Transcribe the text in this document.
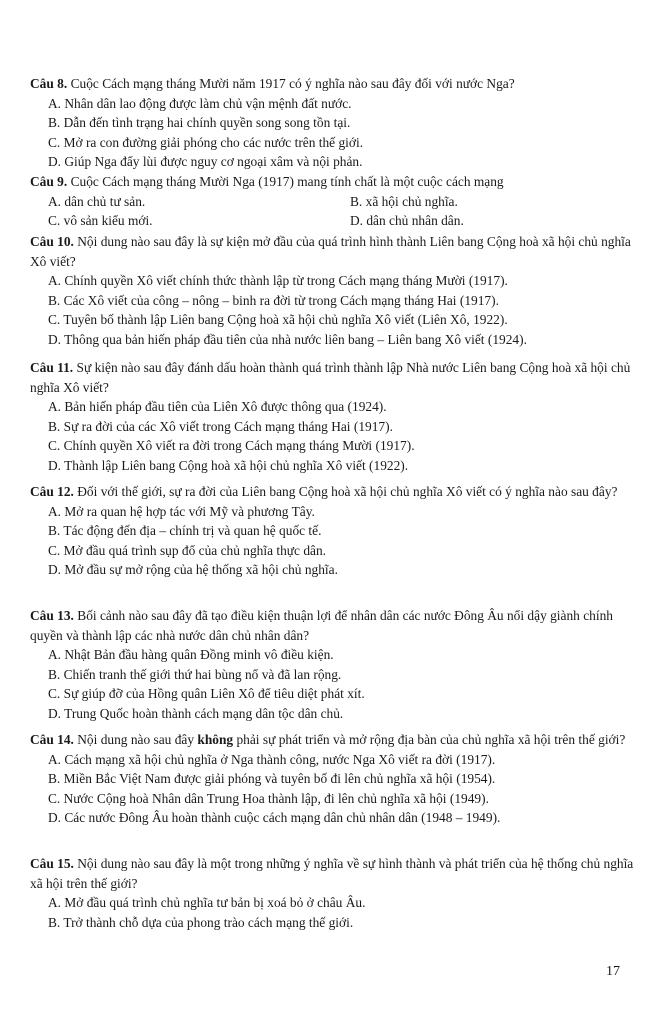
Câu 8. Cuộc Cách mạng tháng Mười năm 1917 có ý nghĩa nào sau đây đối với nước Nga?
A. Nhân dân lao động được làm chủ vận mệnh đất nước.
B. Dẫn đến tình trạng hai chính quyền song song tồn tại.
C. Mở ra con đường giải phóng cho các nước trên thế giới.
D. Giúp Nga đẩy lùi được nguy cơ ngoại xâm và nội phản.
Câu 9. Cuộc Cách mạng tháng Mười Nga (1917) mang tính chất là một cuộc cách mạng
A. dân chủ tư sản.	B. xã hội chủ nghĩa.
C. vô sản kiểu mới.	D. dân chủ nhân dân.
Câu 10. Nội dung nào sau đây là sự kiện mở đầu của quá trình hình thành Liên bang Cộng hoà xã hội chủ nghĩa Xô viết?
A. Chính quyền Xô viết chính thức thành lập từ trong Cách mạng tháng Mười (1917).
B. Các Xô viết của công – nông – binh ra đời từ trong Cách mạng tháng Hai (1917).
C. Tuyên bố thành lập Liên bang Cộng hoà xã hội chủ nghĩa Xô viết (Liên Xô, 1922).
D. Thông qua bản hiến pháp đầu tiên của nhà nước liên bang – Liên bang Xô viết (1924).
Câu 11. Sự kiện nào sau đây đánh dấu hoàn thành quá trình thành lập Nhà nước Liên bang Cộng hoà xã hội chủ nghĩa Xô viết?
A. Bản hiến pháp đầu tiên của Liên Xô được thông qua (1924).
B. Sự ra đời của các Xô viết trong Cách mạng tháng Hai (1917).
C. Chính quyền Xô viết ra đời trong Cách mạng tháng Mười (1917).
D. Thành lập Liên bang Cộng hoà xã hội chủ nghĩa Xô viết (1922).
Câu 12. Đối với thế giới, sự ra đời của Liên bang Cộng hoà xã hội chủ nghĩa Xô viết có ý nghĩa nào sau đây?
A. Mở ra quan hệ hợp tác với Mỹ và phương Tây.
B. Tác động đến địa – chính trị và quan hệ quốc tế.
C. Mở đầu quá trình sụp đổ của chủ nghĩa thực dân.
D. Mở đầu sự mở rộng của hệ thống xã hội chủ nghĩa.
Câu 13. Bối cảnh nào sau đây đã tạo điều kiện thuận lợi để nhân dân các nước Đông Âu nổi dậy giành chính quyền và thành lập các nhà nước dân chủ nhân dân?
A. Nhật Bản đầu hàng quân Đồng minh vô điều kiện.
B. Chiến tranh thế giới thứ hai bùng nổ và đã lan rộng.
C. Sự giúp đỡ của Hồng quân Liên Xô để tiêu diệt phát xít.
D. Trung Quốc hoàn thành cách mạng dân tộc dân chủ.
Câu 14. Nội dung nào sau đây không phải sự phát triển và mở rộng địa bàn của chủ nghĩa xã hội trên thế giới?
A. Cách mạng xã hội chủ nghĩa ở Nga thành công, nước Nga Xô viết ra đời (1917).
B. Miền Bắc Việt Nam được giải phóng và tuyên bố đi lên chủ nghĩa xã hội (1954).
C. Nước Cộng hoà Nhân dân Trung Hoa thành lập, đi lên chủ nghĩa xã hội (1949).
D. Các nước Đông Âu hoàn thành cuộc cách mạng dân chủ nhân dân (1948 – 1949).
Câu 15. Nội dung nào sau đây là một trong những ý nghĩa về sự hình thành và phát triển của hệ thống chủ nghĩa xã hội trên thế giới?
A. Mở đầu quá trình chủ nghĩa tư bản bị xoá bỏ ở châu Âu.
B. Trở thành chỗ dựa của phong trào cách mạng thế giới.
17
